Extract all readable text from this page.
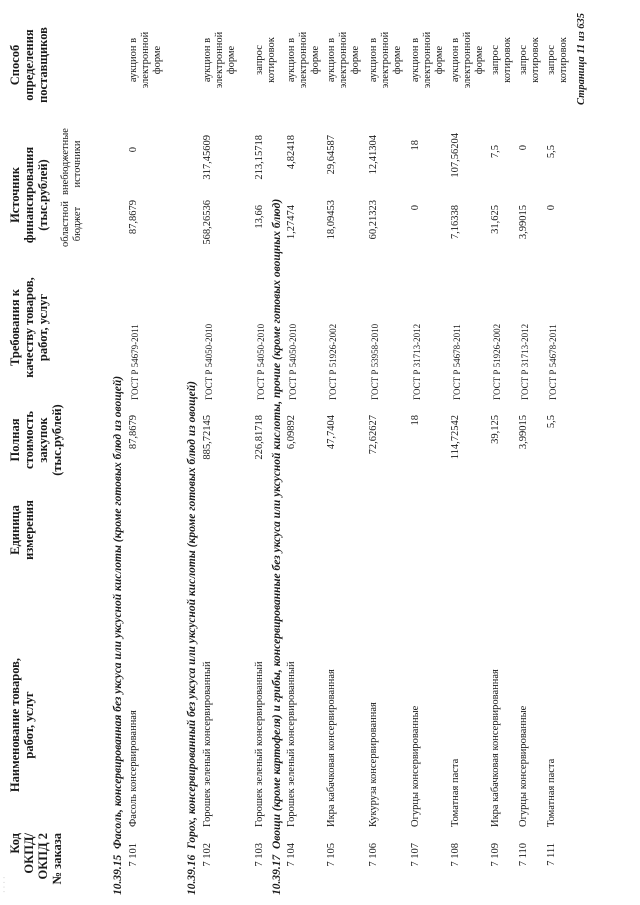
Код ОКПД/ ОКПД 2 № заказа
Наименование товаров, работ, услуг
Единица измерения
Полная стоимость закупок (тыс.рублей)
Требования к качеству товаров, работ, услуг
Источник финансирования (тыс.рублей) областной бюджет
внебюджетные источники
Способ определения поставщиков
· · · ·	10.39.15  Фасоль, консервированная без уксуса или уксусной кислоты (кроме готовых блюд из овощей)
7 101
Фасоль консервированная
87,8679
ГОСТ Р 54679-2011
87,8679
0
аукцион в электронной форме
10.39.16  Горох, консервированный без уксуса или уксусной кислоты (кроме готовых блюд из овощей)
7 102
Горошек зеленый консервированный
885,72145
ГОСТ Р 54050-2010
568,26536
317,45609
аукцион в электронной форме
7 103
Горошек зеленый консервированный
226,81718
ГОСТ Р 54050-2010
13,66
213,15718
запрос котировок
10.39.17  Овощи (кроме картофеля) и грибы, консервированные без уксуса или уксусной кислоты, прочие (кроме готовых овощных блюд)
7 104
Горошек зеленый консервированный
6,09892
ГОСТ Р 54050-2010
1,27474
4,82418
аукцион в электронной форме
7 105
Икра кабачковая консервированная
47,7404
ГОСТ Р 51926-2002
18,09453
29,64587
аукцион в электронной форме
7 106
Кукуруза консервированная
72,62627
ГОСТ Р 53958-2010
60,21323
12,41304
аукцион в электронной форме
7 107
Огурцы консервированные
18
ГОСТ Р 31713-2012
0
18
аукцион в электронной форме
7 108
Томатная паста
114,72542
ГОСТ Р 54678-2011
7,16338
107,56204
аукцион в электронной форме
7 109
Икра кабачковая консервированная
39,125
ГОСТ Р 51926-2002
31,625
7,5
запрос котировок
7 110
Огурцы консервированные
3,99015
ГОСТ Р 31713-2012
3,99015
0
запрос котировок
7 111
Томатная паста
5,5
ГОСТ Р 54678-2011
0
5,5
запрос котировок Страница 11 из 635
